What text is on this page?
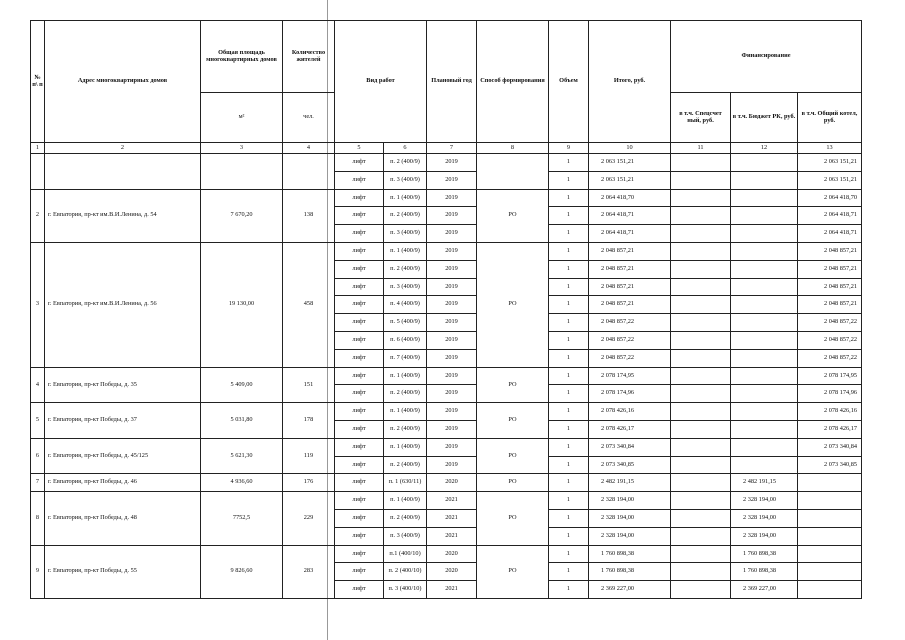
№ п\ п	Адрес многоквартирных домов	Общая площадь многоквартирных домов	Количество жителей	Вид работ		Плановый год	Способ формирования	Объем	Итого, руб.	Финансирование		
		м²	чел.							в т.ч. Спецсчет ный, руб.	в т.ч. Бюджет РК, руб.	в т.ч. Общий котел, руб.
1	2	3	4	5	6	7	8	9	10	11	12	13
				лифт	п. 2 (400/9)	2019		1	2 063 151,21			2 063 151,21
				лифт	п. 3 (400/9)	2019		1	2 063 151,21			2 063 151,21
2	г. Евпатория, пр-кт им.В.И.Ленина, д. 54	7 670,20	138	лифт	п. 1 (400/9)	2019	РО	1	2 064 418,70			2 064 418,70
				лифт	п. 2 (400/9)	2019		1	2 064 418,71			2 064 418,71
				лифт	п. 3 (400/9)	2019		1	2 064 418,71			2 064 418,71
3	г. Евпатория, пр-кт им.В.И.Ленина, д. 56	19 130,00	458	лифт	п. 1 (400/9)	2019	РО	1	2 048 857,21			2 048 857,21
				лифт	п. 2 (400/9)	2019		1	2 048 857,21			2 048 857,21
				лифт	п. 3 (400/9)	2019		1	2 048 857,21			2 048 857,21
				лифт	п. 4 (400/9)	2019		1	2 048 857,21			2 048 857,21
				лифт	п. 5 (400/9)	2019		1	2 048 857,22			2 048 857,22
				лифт	п. 6 (400/9)	2019		1	2 048 857,22			2 048 857,22
				лифт	п. 7 (400/9)	2019		1	2 048 857,22			2 048 857,22
4	г. Евпатория, пр-кт Победы, д. 35	5 409,00	151	лифт	п. 1 (400/9)	2019	РО	1	2 078 174,95			2 078 174,95
				лифт	п. 2 (400/9)	2019		1	2 078 174,96			2 078 174,96
5	г. Евпатория, пр-кт Победы, д. 37	5 031,80	178	лифт	п. 1 (400/9)	2019	РО	1	2 078 426,16			2 078 426,16
				лифт	п. 2 (400/9)	2019		1	2 078 426,17			2 078 426,17
6	г. Евпатория, пр-кт Победы, д. 45/125	5 621,30	119	лифт	п. 1 (400/9)	2019	РО	1	2 073 340,84			2 073 340,84
				лифт	п. 2 (400/9)	2019		1	2 073 340,85			2 073 340,85
7	г. Евпатория, пр-кт Победы, д. 46	4 936,60	176	лифт	п. 1 (630/11)	2020	РО	1	2 482 191,15		2 482 191,15	
8	г. Евпатория, пр-кт Победы, д. 48	7752,5	229	лифт	п. 1 (400/9)	2021	РО	1	2 328 194,00		2 328 194,00	
				лифт	п. 2 (400/9)	2021		1	2 328 194,00		2 328 194,00	
				лифт	п. 3 (400/9)	2021		1	2 328 194,00		2 328 194,00	
9	г. Евпатория, пр-кт Победы, д. 55	9 826,60	283	лифт	п.1 (400/10)	2020	РО	1	1 760 898,38		1 760 898,38	
				лифт	п. 2 (400/10)	2020		1	1 760 898,38		1 760 898,38	
				лифт	п. 3 (400/10)	2021		1	2 369 227,00		2 369 227,00	
